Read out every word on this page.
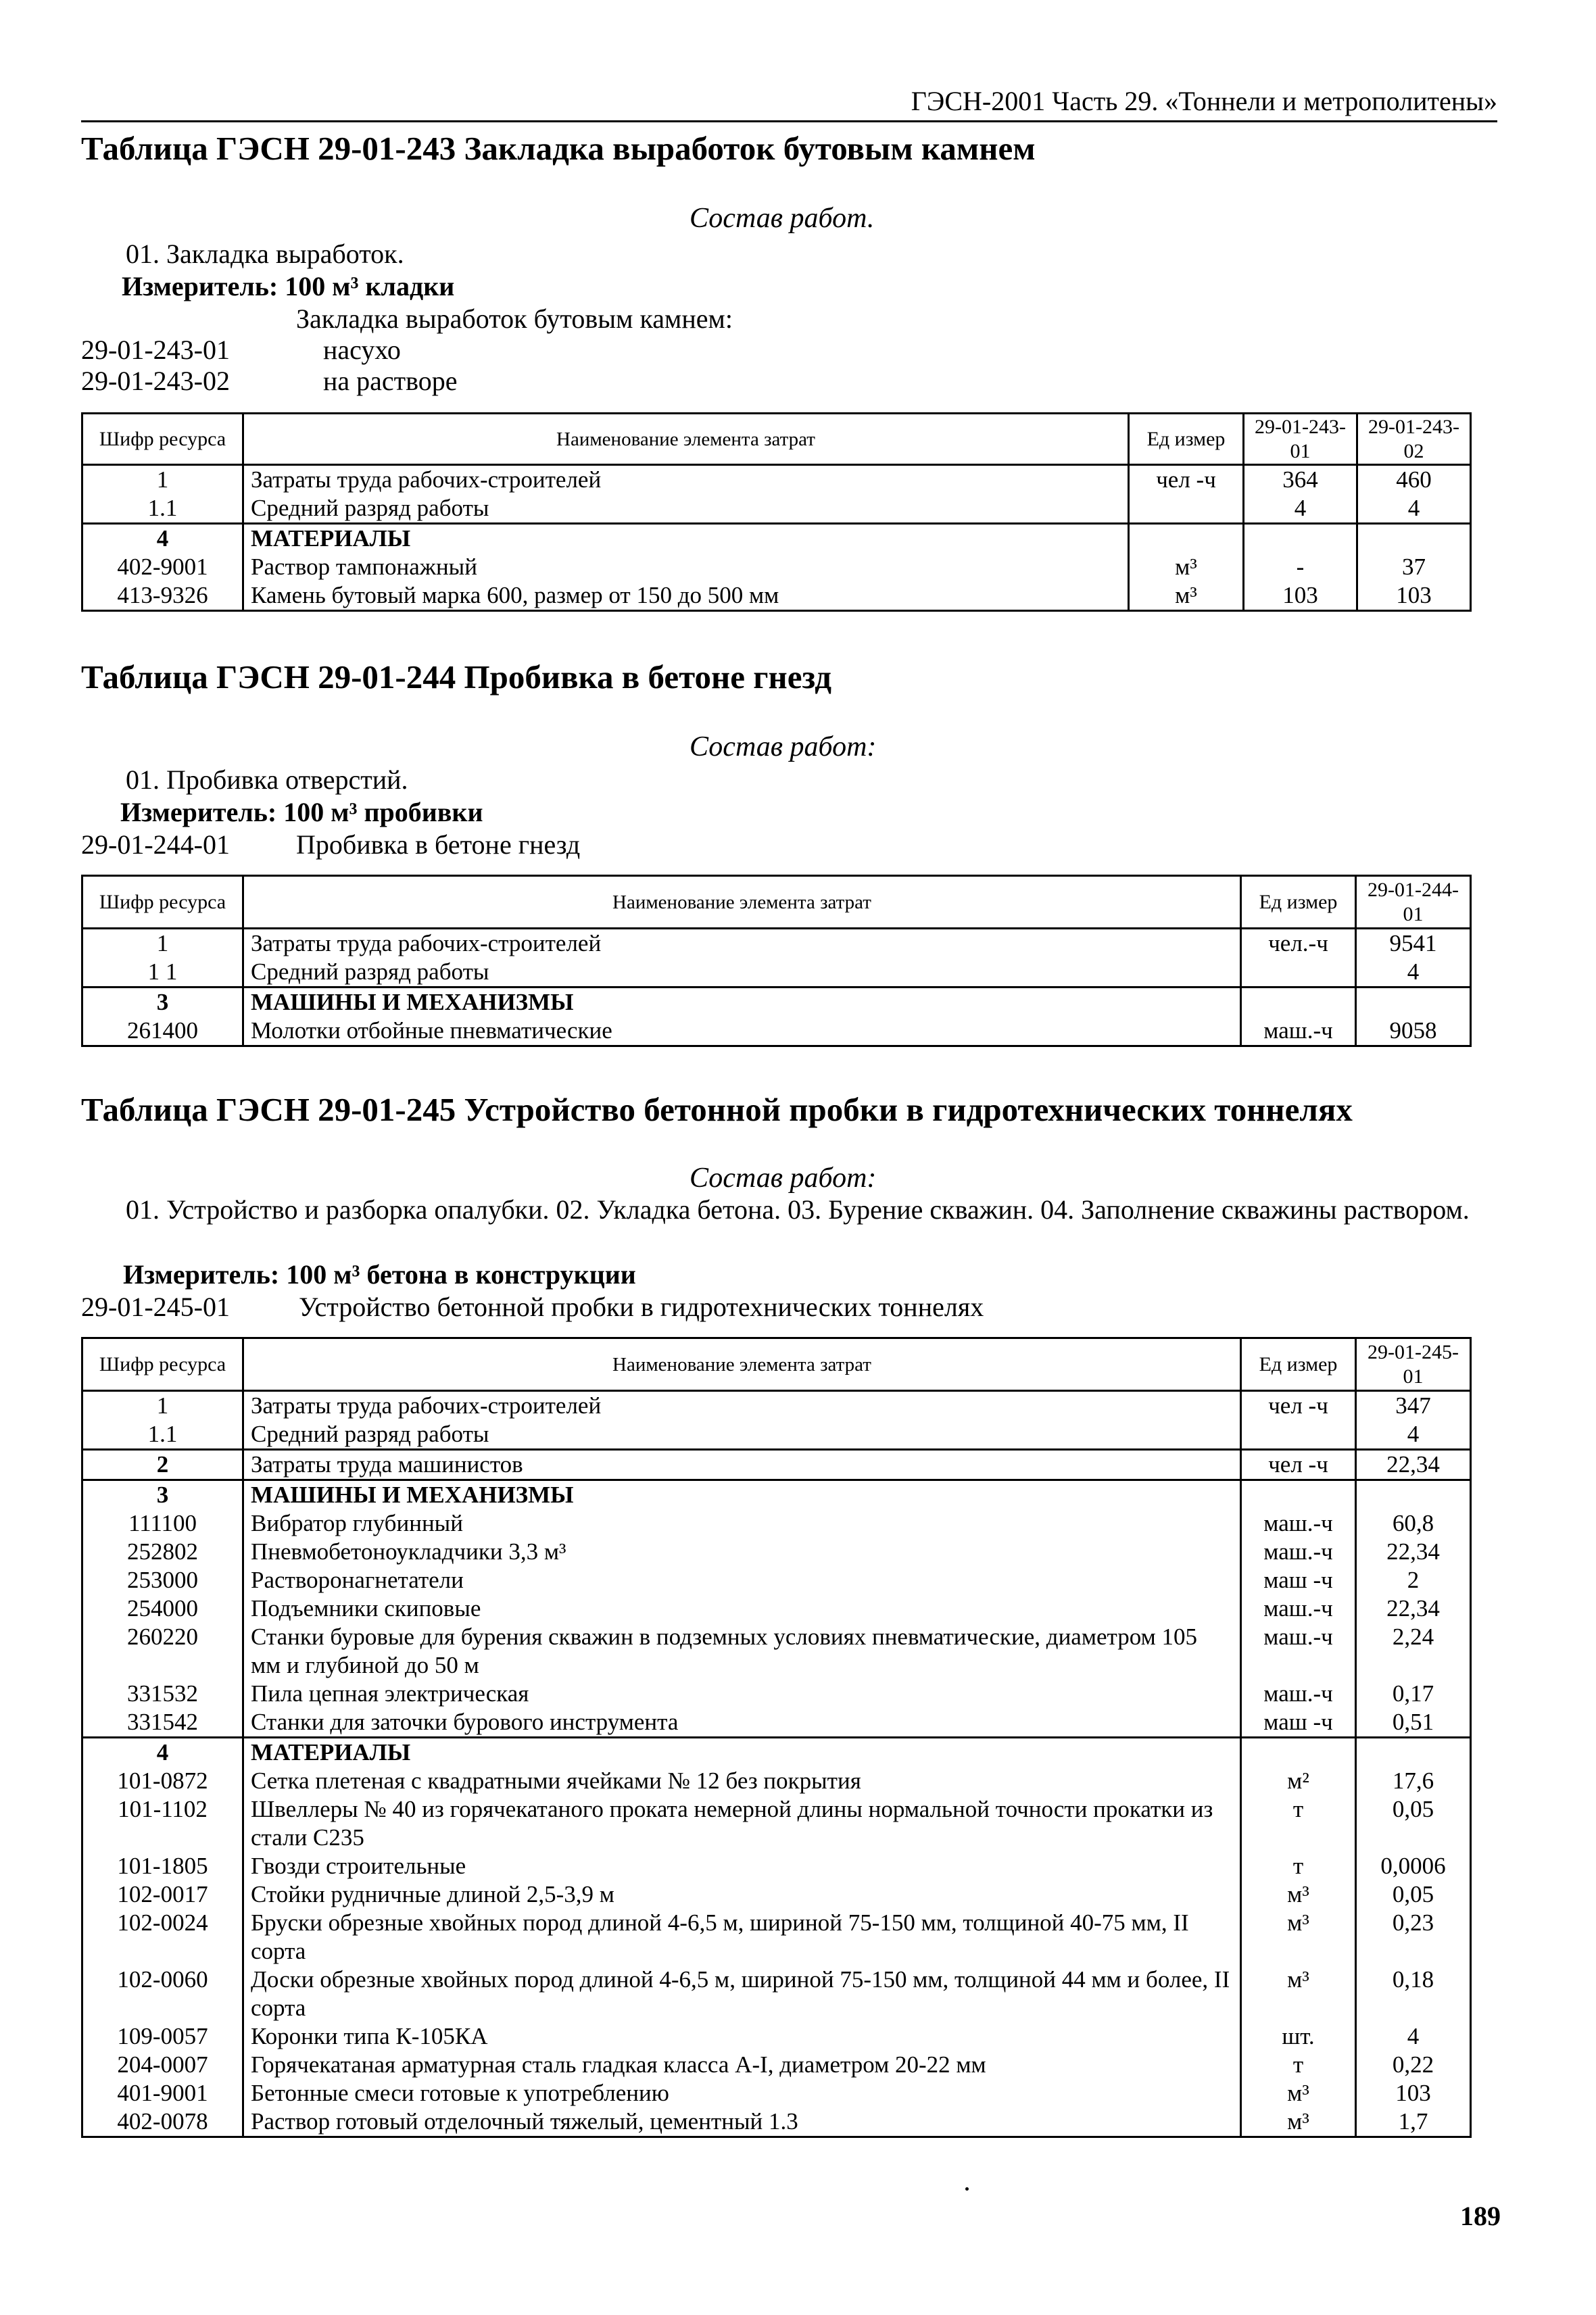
ГЭСН-2001 Часть 29. «Тоннели и метрополитены»
Таблица ГЭСН 29-01-243 Закладка выработок бутовым камнем
Состав работ.
01. Закладка выработок.
Измеритель: 100 м³ кладки
Закладка выработок бутовым камнем:
29-01-243-01	насухо
29-01-243-02	на растворе
Шифр ресурса	Наименование элемента затрат	Ед измер	29-01-243-01	29-01-243-02
1	Затраты труда рабочих-строителей	чел -ч	364	460
1.1	Средний разряд работы		4	4
4	МАТЕРИАЛЫ			
402-9001	Раствор тампонажный	м³	-	37
413-9326	Камень бутовый марка 600, размер от 150 до 500 мм	м³	103	103
Таблица ГЭСН 29-01-244 Пробивка в бетоне гнезд
Состав работ:
01. Пробивка отверстий.
Измеритель: 100 м³ пробивки
29-01-244-01 Пробивка в бетоне гнезд
Шифр ресурса	Наименование элемента затрат	Ед измер	29-01-244-01
1	Затраты труда рабочих-строителей	чел.-ч	9541
1 1	Средний разряд работы		4
3	МАШИНЫ И МЕХАНИЗМЫ		
261400	Молотки отбойные пневматические	маш.-ч	9058
Таблица ГЭСН 29-01-245 Устройство бетонной пробки в гидротехнических тоннелях
Состав работ:
01. Устройство и разборка опалубки. 02. Укладка бетона. 03. Бурение скважин. 04. Заполнение скважины раствором.
Измеритель: 100 м³ бетона в конструкции
29-01-245-01	Устройство бетонной пробки в гидротехнических тоннелях
Шифр ресурса	Наименование элемента затрат	Ед измер	29-01-245-01
1	Затраты труда рабочих-строителей	чел -ч	347
1.1	Средний разряд работы		4
2	Затраты труда машинистов	чел -ч	22,34
3	МАШИНЫ И МЕХАНИЗМЫ		
111100	Вибратор глубинный	маш.-ч	60,8
252802	Пневмобетоноукладчики 3,3 м³	маш.-ч	22,34
253000	Растворонагнетатели	маш -ч	2
254000	Подъемники скиповые	маш.-ч	22,34
260220	Станки буровые для бурения скважин в подземных условиях пневматические, диаметром 105 мм и глубиной до 50 м	маш.-ч	2,24
331532	Пила цепная электрическая	маш.-ч	0,17
331542	Станки для заточки бурового инструмента	маш -ч	0,51
4	МАТЕРИАЛЫ		
101-0872	Сетка плетеная с квадратными ячейками № 12 без покрытия	м²	17,6
101-1102	Швеллеры № 40 из горячекатаного проката немерной длины нормальной точности прокатки из стали С235	т	0,05
101-1805	Гвозди строительные	т	0,0006
102-0017	Стойки рудничные длиной 2,5-3,9 м	м³	0,05
102-0024	Бруски обрезные хвойных пород длиной 4-6,5 м, шириной 75-150 мм, толщиной 40-75 мм, II сорта	м³	0,23
102-0060	Доски обрезные хвойных пород длиной 4-6,5 м, шириной 75-150 мм, толщиной 44 мм и более, II сорта	м³	0,18
109-0057	Коронки типа К-105КА	шт.	4
204-0007	Горячекатаная арматурная сталь гладкая класса А-I, диаметром 20-22 мм	т	0,22
401-9001	Бетонные смеси готовые к употреблению	м³	103
402-0078	Раствор готовый отделочный тяжелый, цементный 1.3	м³	1,7
189
